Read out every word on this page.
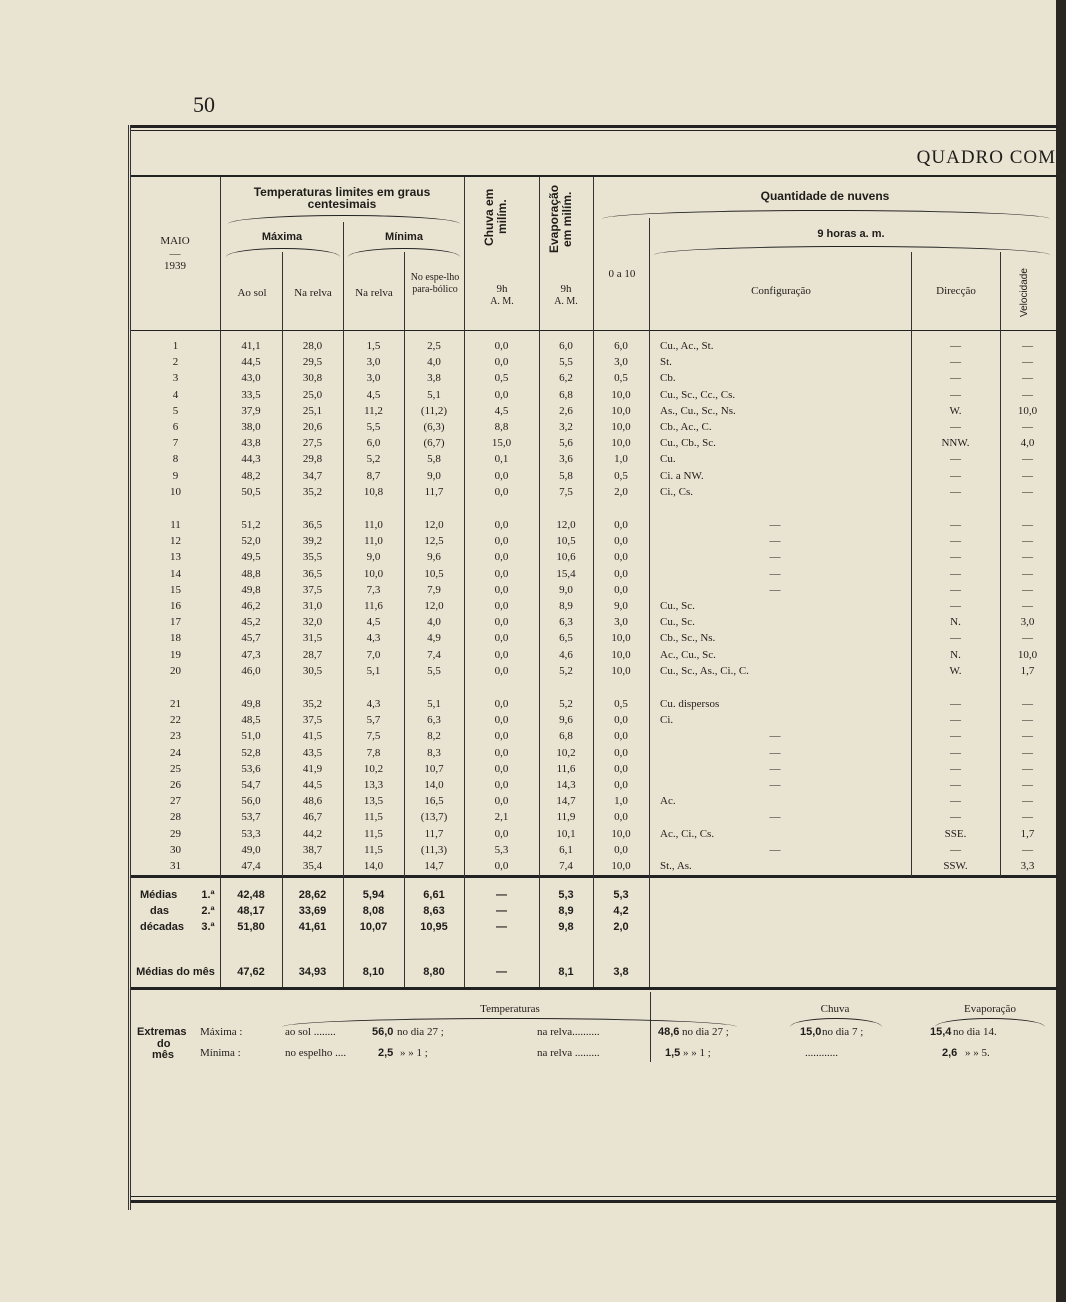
50
QUADRO COM
MAIO
—
1939
Temperaturas limites em graus centesimais
Máxima	Mínima
Ao sol	Na relva	Na relva
No espe-lho para-bólico
Chuva em milím.
9h
A. M.
Evaporação em milím.
9h
A. M.
Quantidade de nuvens
0 a 10
9 horas a. m.
Configuração	Direcção	Velocidade
1	41,1	28,0	1,5	2,5	0,0	6,0	6,0	Cu., Ac., St.	—	—
2	44,5	29,5	3,0	4,0	0,0	5,5	3,0	St.	—	—
3	43,0	30,8	3,0	3,8	0,5	6,2	0,5	Cb.	—	—
4	33,5	25,0	4,5	5,1	0,0	6,8	10,0	Cu., Sc., Cc., Cs.	—	—
5	37,9	25,1	11,2	(11,2)	4,5	2,6	10,0	As., Cu., Sc., Ns.	W.	10,0
6	38,0	20,6	5,5	(6,3)	8,8	3,2	10,0	Cb., Ac., C.	—	—
7	43,8	27,5	6,0	(6,7)	15,0	5,6	10,0	Cu., Cb., Sc.	NNW.	4,0
8	44,3	29,8	5,2	5,8	0,1	3,6	1,0	Cu.	—	—
9	48,2	34,7	8,7	9,0	0,0	5,8	0,5	Ci. a NW.	—	—
10	50,5	35,2	10,8	11,7	0,0	7,5	2,0	Ci., Cs.	—	—
11	51,2	36,5	11,0	12,0	0,0	12,0	0,0	—	—	—
12	52,0	39,2	11,0	12,5	0,0	10,5	0,0	—	—	—
13	49,5	35,5	9,0	9,6	0,0	10,6	0,0	—	—	—
14	48,8	36,5	10,0	10,5	0,0	15,4	0,0	—	—	—
15	49,8	37,5	7,3	7,9	0,0	9,0	0,0	—	—	—
16	46,2	31,0	11,6	12,0	0,0	8,9	9,0	Cu., Sc.	—	—
17	45,2	32,0	4,5	4,0	0,0	6,3	3,0	Cu., Sc.	N.	3,0
18	45,7	31,5	4,3	4,9	0,0	6,5	10,0	Cb., Sc., Ns.	—	—
19	47,3	28,7	7,0	7,4	0,0	4,6	10,0	Ac., Cu., Sc.	N.	10,0
20	46,0	30,5	5,1	5,5	0,0	5,2	10,0	Cu., Sc., As., Ci., C.	W.	1,7
21	49,8	35,2	4,3	5,1	0,0	5,2	0,5	Cu. dispersos	—	—
22	48,5	37,5	5,7	6,3	0,0	9,6	0,0	Ci.	—	—
23	51,0	41,5	7,5	8,2	0,0	6,8	0,0	—	—	—
24	52,8	43,5	7,8	8,3	0,0	10,2	0,0	—	—	—
25	53,6	41,9	10,2	10,7	0,0	11,6	0,0	—	—	—
26	54,7	44,5	13,3	14,0	0,0	14,3	0,0	—	—	—
27	56,0	48,6	13,5	16,5	0,0	14,7	1,0	Ac.	—	—
28	53,7	46,7	11,5	(13,7)	2,1	11,9	0,0	—	—	—
29	53,3	44,2	11,5	11,7	0,0	10,1	10,0	Ac., Ci., Cs.	SSE.	1,7
30	49,0	38,7	11,5	(11,3)	5,3	6,1	0,0	—	—	—
31	47,4	35,4	14,0	14,7	0,0	7,4	10,0	St., As.	SSW.	3,3
Médias
das
décadas
1.ª	42,48	28,62	5,94	6,61	—	5,3	5,3
2.ª	48,17	33,69	8,08	8,63	—	8,9	4,2
3.ª	51,80	41,61	10,07	10,95	—	9,8	2,0
Médias do mês	47,62	34,93	8,10	8,80	—	8,1	3,8
Temperaturas	Chuva	Evaporação
Extremas
do
mês
Máxima :
Mínima :
ao sol ........	56,0 no dia 27 ;	na relva..........	48,6 no dia 27 ;	15,0 no dia 7 ;	15,4 no dia 14.
no espelho ....	2,5 » » 1 ;	na relva .........	1,5 » » 1 ;	............	2,6 » » 5.
